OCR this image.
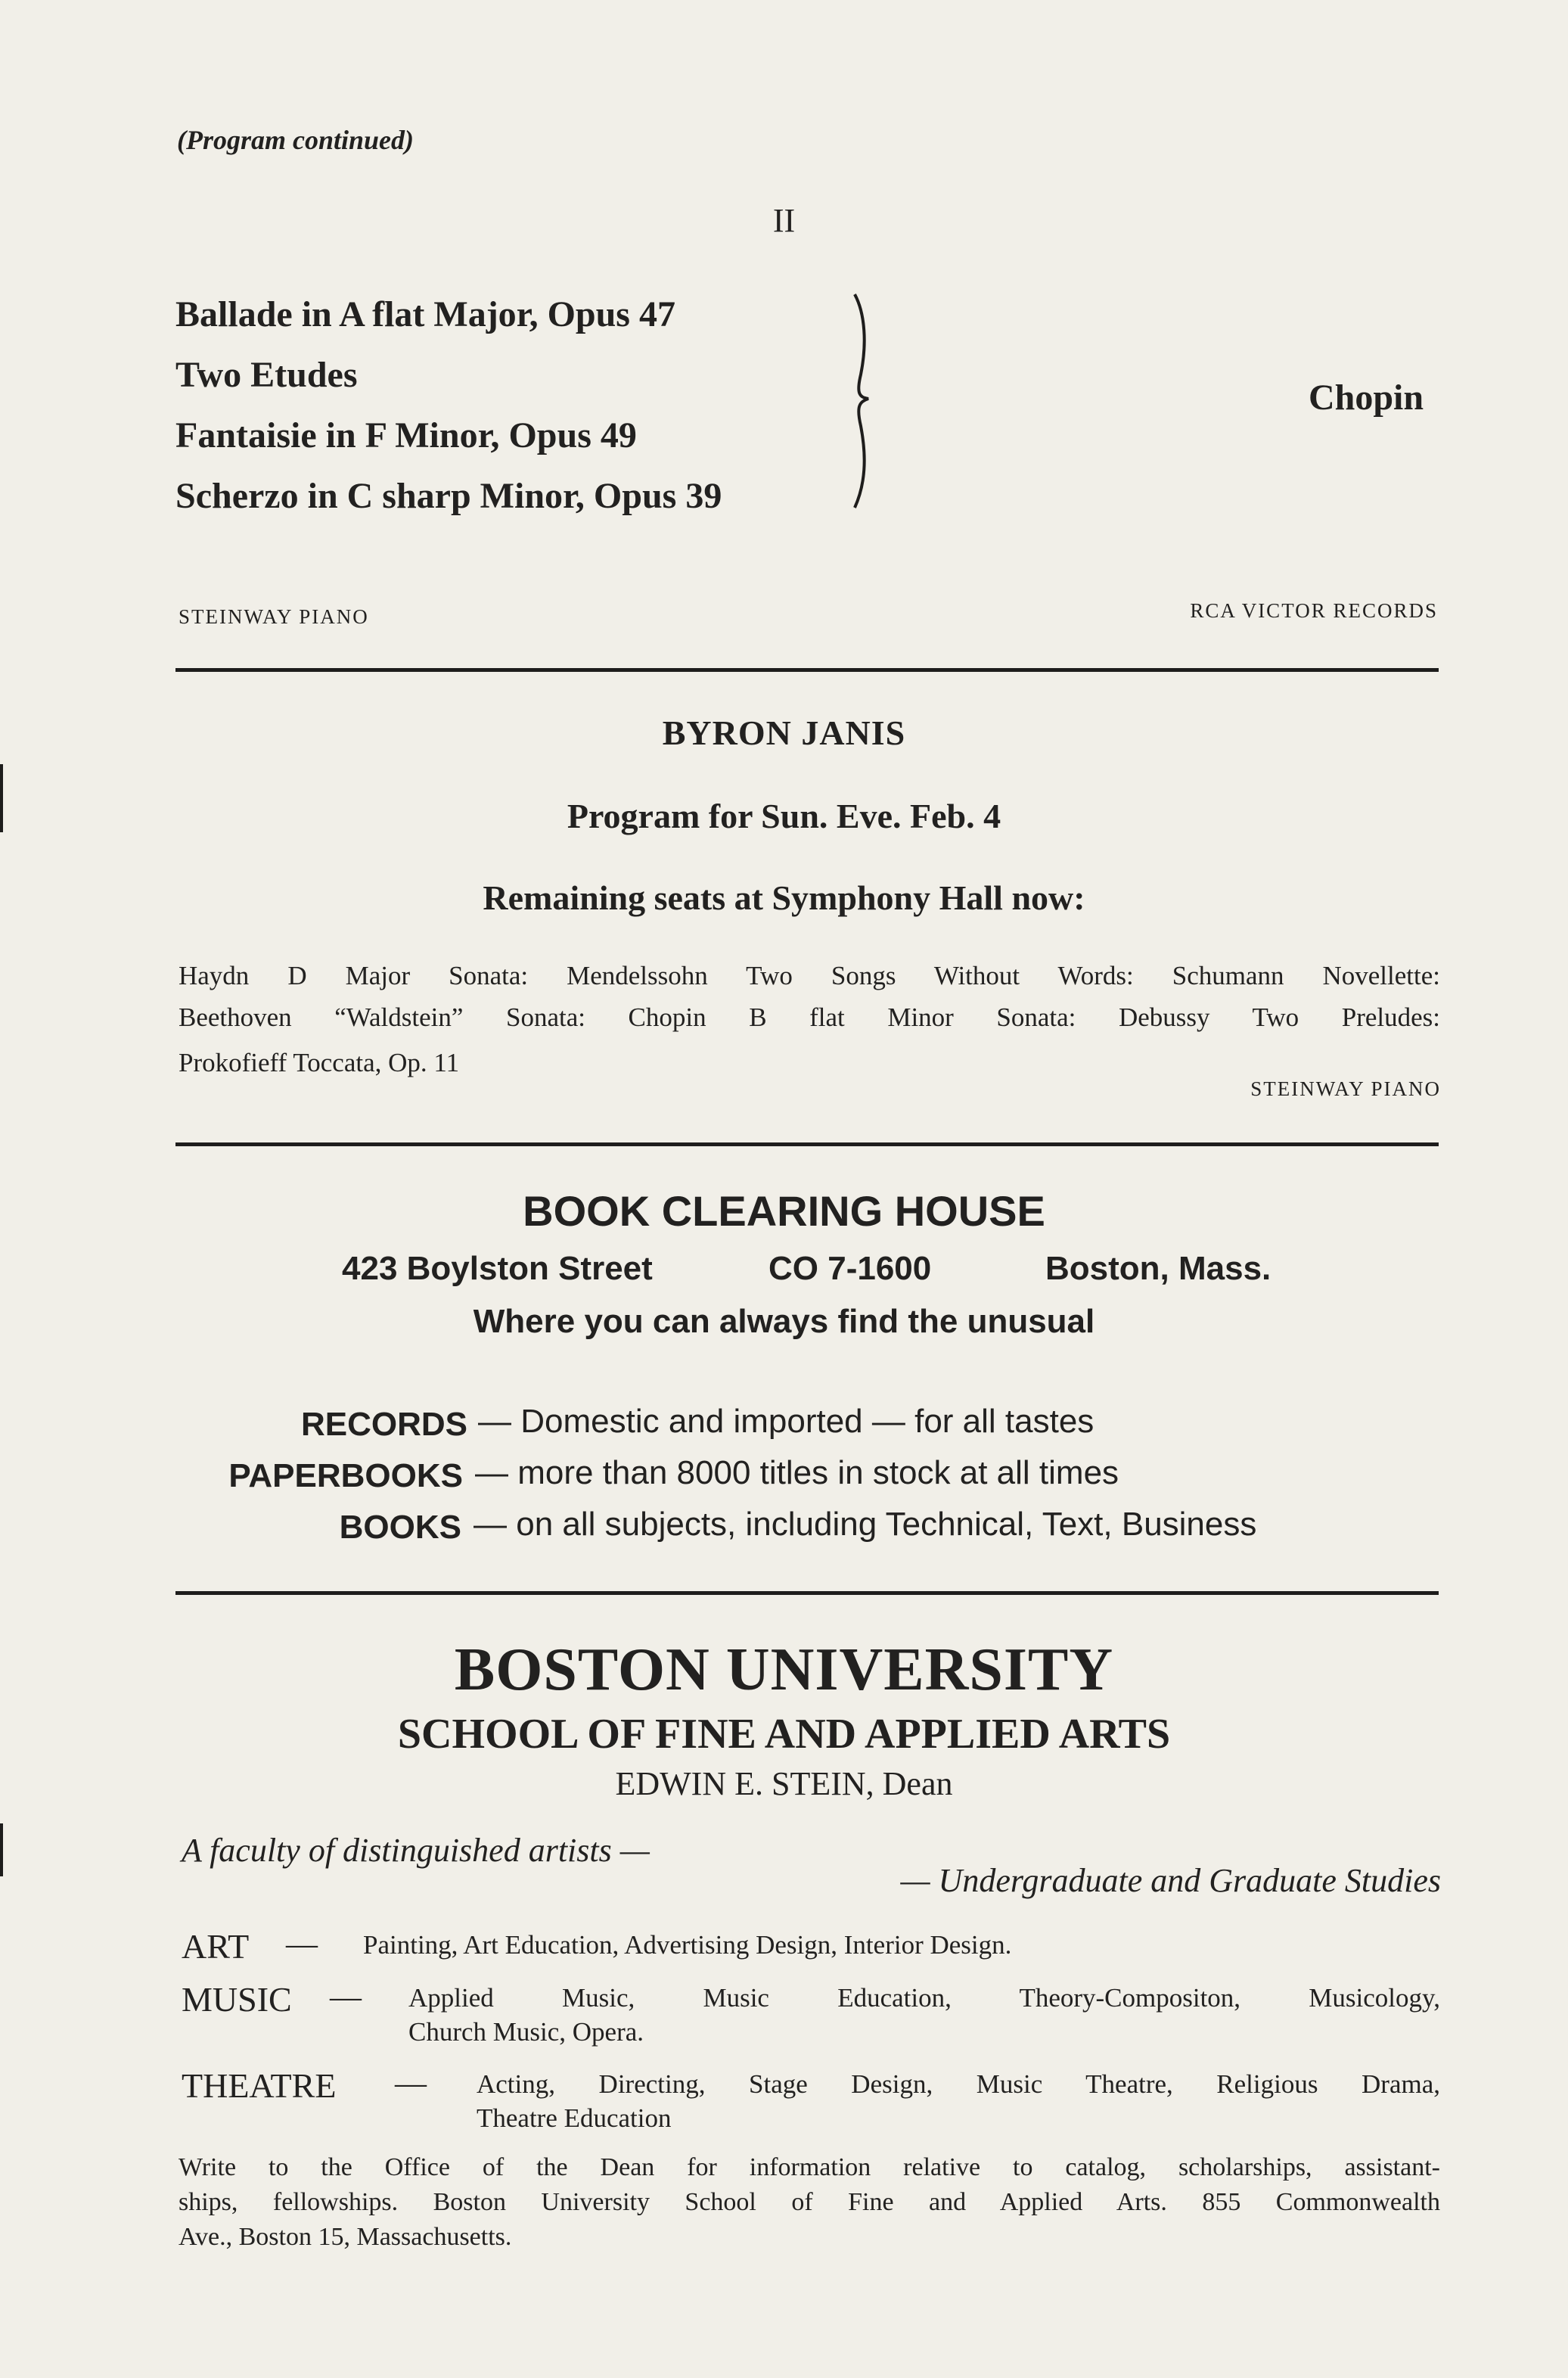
(Program continued)
II
Ballade in A flat Major, Opus 47
Two Etudes
Fantaisie in F Minor, Opus 49
Scherzo in C sharp Minor, Opus 39
Chopin
STEINWAY PIANO	RCA VICTOR RECORDS
BYRON JANIS
Program for Sun. Eve. Feb. 4
Remaining seats at Symphony Hall now:
Haydn D Major Sonata: Mendelssohn Two Songs Without Words: Schumann Novellette:
Beethoven “Waldstein” Sonata: Chopin B flat Minor Sonata: Debussy Two Preludes:
Prokofieff Toccata, Op. 11
STEINWAY PIANO
BOOK CLEARING HOUSE
423 Boylston Street	CO 7-1600	Boston, Mass.
Where you can always find the unusual
RECORDS — Domestic and imported — for all tastes
PAPERBOOKS — more than 8000 titles in stock at all times
BOOKS — on all subjects, including Technical, Text, Business
BOSTON UNIVERSITY
SCHOOL OF FINE AND APPLIED ARTS
EDWIN E. STEIN, Dean
A faculty of distinguished artists —
— Undergraduate and Graduate Studies
ART — Painting, Art Education, Advertising Design, Interior Design.
MUSIC — Applied Music, Music Education, Theory-Compositon, Musicology,
Church Music, Opera.
THEATRE — Acting, Directing, Stage Design, Music Theatre, Religious Drama,
Theatre Education
Write to the Office of the Dean for information relative to catalog, scholarships, assistant-
ships, fellowships. Boston University School of Fine and Applied Arts. 855 Commonwealth
Ave., Boston 15, Massachusetts.
